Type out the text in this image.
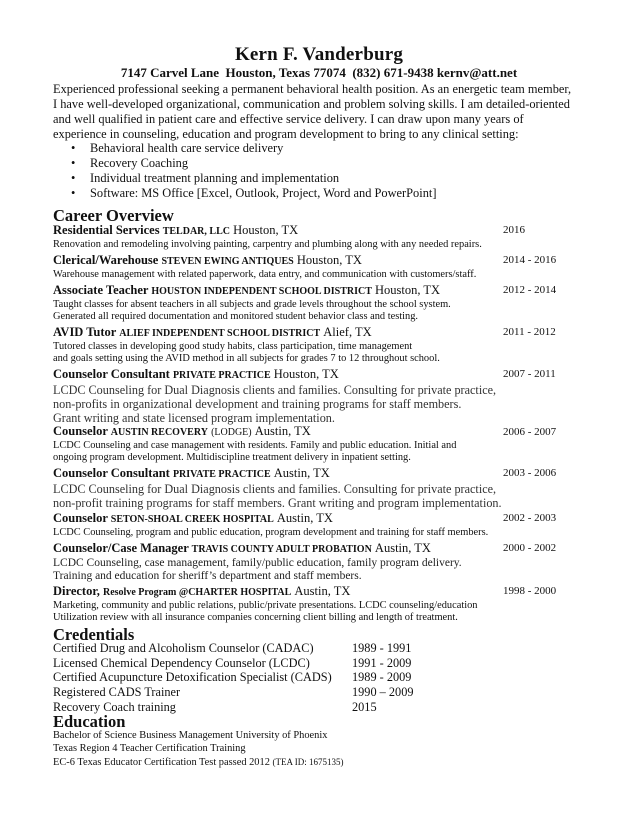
Kern F. Vanderburg
7147 Carvel Lane  Houston, Texas 77074  (832) 671-9438 kernv@att.net
Experienced professional seeking a permanent behavioral health position. As an energetic team member, I have well-developed organizational, communication and problem solving skills. I am detailed-oriented and well qualified in patient care and effective service delivery. I can draw upon many years of experience in counseling, education and program development to bring to any clinical setting:
• Behavioral health care service delivery
• Recovery Coaching
• Individual treatment planning and implementation
• Software: MS Office [Excel, Outlook, Project, Word and PowerPoint]
Career Overview
Residential Services TELDAR, LLC Houston, TX
Renovation and remodeling involving painting, carpentry and plumbing along with any needed repairs.
2016
Clerical/Warehouse STEVEN EWING ANTIQUES Houston, TX
Warehouse management with related paperwork, data entry, and communication with customers/staff.
2014 - 2016
Associate Teacher HOUSTON INDEPENDENT SCHOOL DISTRICT Houston, TX
Taught classes for absent teachers in all subjects and grade levels throughout the school system.
Generated all required documentation and monitored student behavior class and testing.
2012 - 2014
AVID Tutor ALIEF INDEPENDENT SCHOOL DISTRICT Alief, TX
Tutored classes in developing good study habits, class participation, time management
and goals setting using the AVID method in all subjects for grades 7 to 12 throughout school.
2011 - 2012
Counselor Consultant PRIVATE PRACTICE Houston, TX
LCDC Counseling for Dual Diagnosis clients and families. Consulting for private practice,
non-profits in organizational development and training programs for staff members.
Grant writing and state licensed program implementation.
2007 - 2011
Counselor AUSTIN RECOVERY (LODGE) Austin, TX
LCDC Counseling and case management with residents. Family and public education. Initial and
ongoing program development. Multidiscipline treatment delivery in inpatient setting.
2006 - 2007
Counselor Consultant PRIVATE PRACTICE Austin, TX
LCDC Counseling for Dual Diagnosis clients and families. Consulting for private practice,
non-profit training programs for staff members. Grant writing and program implementation.
2003 - 2006
Counselor SETON-SHOAL CREEK HOSPITAL Austin, TX
LCDC Counseling, program and public education, program development and training for staff members.
2002 - 2003
Counselor/Case Manager TRAVIS COUNTY ADULT PROBATION Austin, TX
LCDC Counseling, case management, family/public education, family program delivery.
Training and education for sheriff’s department and staff members.
2000 - 2002
Director, Resolve Program @CHARTER HOSPITAL Austin, TX
Marketing, community and public relations, public/private presentations. LCDC counseling/education
Utilization review with all insurance companies concerning client billing and length of treatment.
1998 - 2000
Credentials
Certified Drug and Alcoholism Counselor (CADAC)	1989 - 1991
Licensed Chemical Dependency Counselor (LCDC)	1991 - 2009
Certified Acupuncture Detoxification Specialist (CADS) 1989 - 2009
Registered CADS Trainer	1990 – 2009
Recovery Coach training	2015
Education
Bachelor of Science Business Management University of Phoenix
Texas Region 4 Teacher Certification Training
EC-6 Texas Educator Certification Test passed 2012 (TEA ID: 1675135)
